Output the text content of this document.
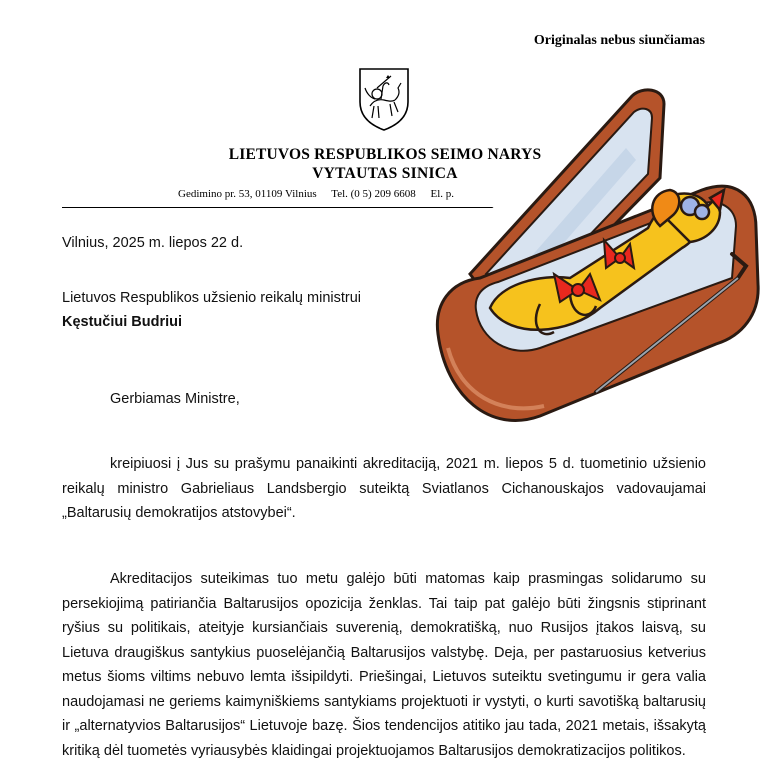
Originalas nebus siunčiamas
LIETUVOS RESPUBLIKOS SEIMO NARYS
VYTAUTAS SINICA
Gedimino pr. 53, 01109 Vilnius Tel. (0 5) 209 6608 El. p.
Vilnius, 2025 m. liepos 22 d.
Lietuvos Respublikos užsienio reikalų ministrui
Kęstučiui Budriui
Gerbiamas Ministre,

kreipiuosi į Jus su prašymu panaikinti akreditaciją, 2021 m. liepos 5 d. tuometinio užsienio reikalų ministro Gabrieliaus Landsbergio suteiktą Sviatlanos Cichanouskajos vadovaujamai „Baltarusių demokratijos atstovybei“.

Akreditacijos suteikimas tuo metu galėjo būti matomas kaip prasmingas solidarumo su persekiojimą patiriančia Baltarusijos opozicija ženklas. Tai taip pat galėjo būti žingsnis stiprinant ryšius su politikais, ateityje kursiančiais suverenią, demokratišką, nuo Rusijos įtakos laisvą, su Lietuva draugiškus santykius puoselėjančią Baltarusijos valstybę. Deja, per pastaruosius ketverius metus šioms viltims nebuvo lemta išsipildyti. Priešingai, Lietuvos suteiktu svetingumu ir gera valia naudojamasi ne geriems kaimyniškiems santykiams projektuoti ir vystyti, o kurti savotišką baltarusių ir „alternatyvios Baltarusijos“ Lietuvoje bazę. Šios tendencijos atitiko jau tada, 2021 metais, išsakytą kritiką dėl tuometės vyriausybės klaidingai projektuojamos Baltarusijos demokratizacijos politikos.
